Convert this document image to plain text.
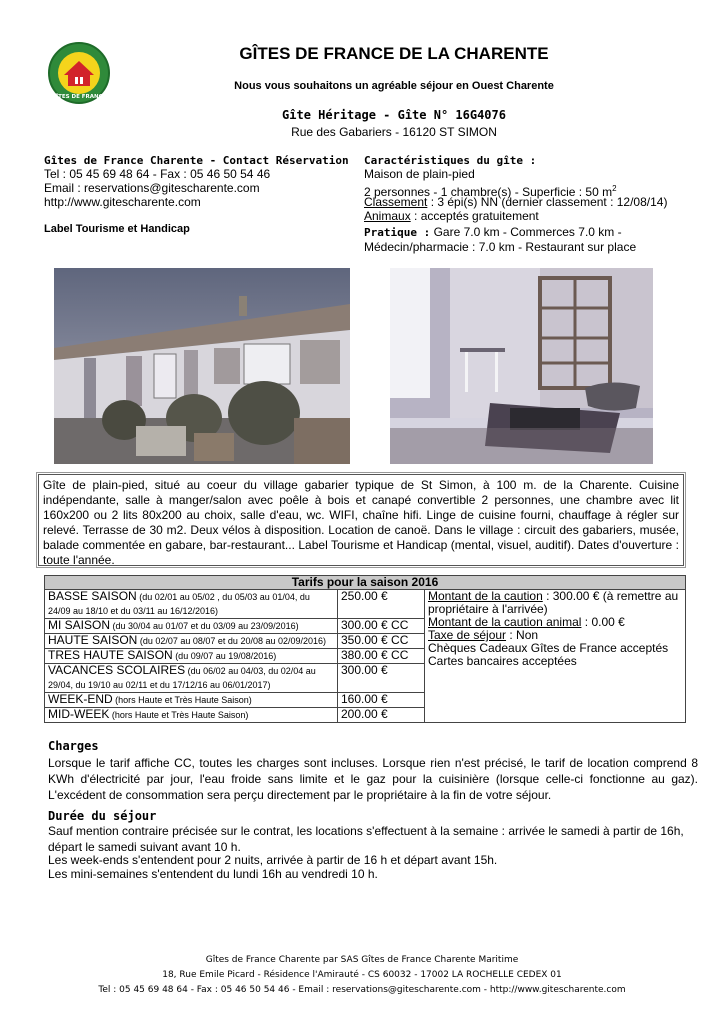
GÎTES DE FRANCE
GÎTES DE FRANCE DE LA CHARENTE
Nous vous souhaitons un agréable séjour en Ouest Charente
Gîte Héritage - Gîte N° 16G4076
Rue des Gabariers - 16120 ST SIMON
Gîtes de France Charente - Contact Réservation
Tel : 05 45 69 48 64 - Fax : 05 46 50 54 46
Email : reservations@gitescharente.com
http://www.gitescharente.com
Label Tourisme et Handicap
Caractéristiques du gîte :
Maison de plain-pied
2 personnes - 1 chambre(s) - Superficie : 50 $m^2$
Classement : 3 épi(s) NN (dernier classement : 12/08/14)
Animaux : acceptés gratuitement
Pratique : Gare 7.0 km - Commerces 7.0 km -
Médecin/pharmacie : 7.0 km - Restaurant sur place
Gîte de plain-pied, situé au coeur du village gabarier typique de St Simon, à 100 m. de la Charente. Cuisine indépendante, salle à manger/salon avec poêle à bois et canapé convertible 2 personnes, une chambre avec lit 160x200 ou 2 lits 80x200 au choix, salle d'eau, wc. WIFI, chaîne hifi. Linge de cuisine fourni, chauffage à régler sur relevé. Terrasse de 30 m2. Deux vélos à disposition. Location de canoë. Dans le village : circuit des gabariers, musée, balade commentée en gabare, bar-restaurant... Label Tourisme et Handicap (mental, visuel, auditif). Dates d'ouverture : toute l'année.
Tarifs pour la saison 2016		
BASSE SAISON (du 02/01 au 05/02 , du 05/03 au 01/04, du 24/09 au 18/10 et du 03/11 au 16/12/2016)	250.00 €	Montant de la caution : 300.00 € (à remettre au propriétaire à l'arrivée)
Montant de la caution animal : 0.00 €
Taxe de séjour : Non
Chèques Cadeaux Gîtes de France acceptés
Cartes bancaires acceptées

MI SAISON (du 30/04 au 01/07 et du 03/09 au 23/09/2016)	300.00 € CC	
HAUTE SAISON (du 02/07 au 08/07 et du 20/08 au 02/09/2016)	350.00 € CC	
TRES HAUTE SAISON (du 09/07 au 19/08/2016)	380.00 € CC	
VACANCES SCOLAIRES (du 06/02 au 04/03, du 02/04 au 29/04, du 19/10 au 02/11 et du 17/12/16 au 06/01/2017)	300.00 €	
WEEK-END (hors Haute et Très Haute Saison)	160.00 €	
MID-WEEK (hors Haute et Très Haute Saison)	200.00 €	
Charges
Lorsque le tarif affiche CC, toutes les charges sont incluses. Lorsque rien n'est précisé, le tarif de location comprend 8 KWh d'électricité par jour, l'eau froide sans limite et le gaz pour la cuisinière (lorsque celle-ci fonctionne au gaz). L'excédent de consommation sera perçu directement par le propriétaire à la fin de votre séjour.
Durée du séjour
Sauf mention contraire précisée sur le contrat, les locations s'effectuent à la semaine : arrivée le samedi à partir de 16h, départ le samedi suivant avant 10 h.
Les week-ends s'entendent pour 2 nuits, arrivée à partir de 16 h et départ avant 15h.
Les mini-semaines s'entendent du lundi 16h au vendredi 10 h.
Gîtes de France Charente par SAS Gîtes de France Charente Maritime
18, Rue Emile Picard - Résidence l'Amirauté - CS 60032 - 17002 LA ROCHELLE CEDEX 01
Tel : 05 45 69 48 64 - Fax : 05 46 50 54 46 - Email : reservations@gitescharente.com - http://www.gitescharente.com
